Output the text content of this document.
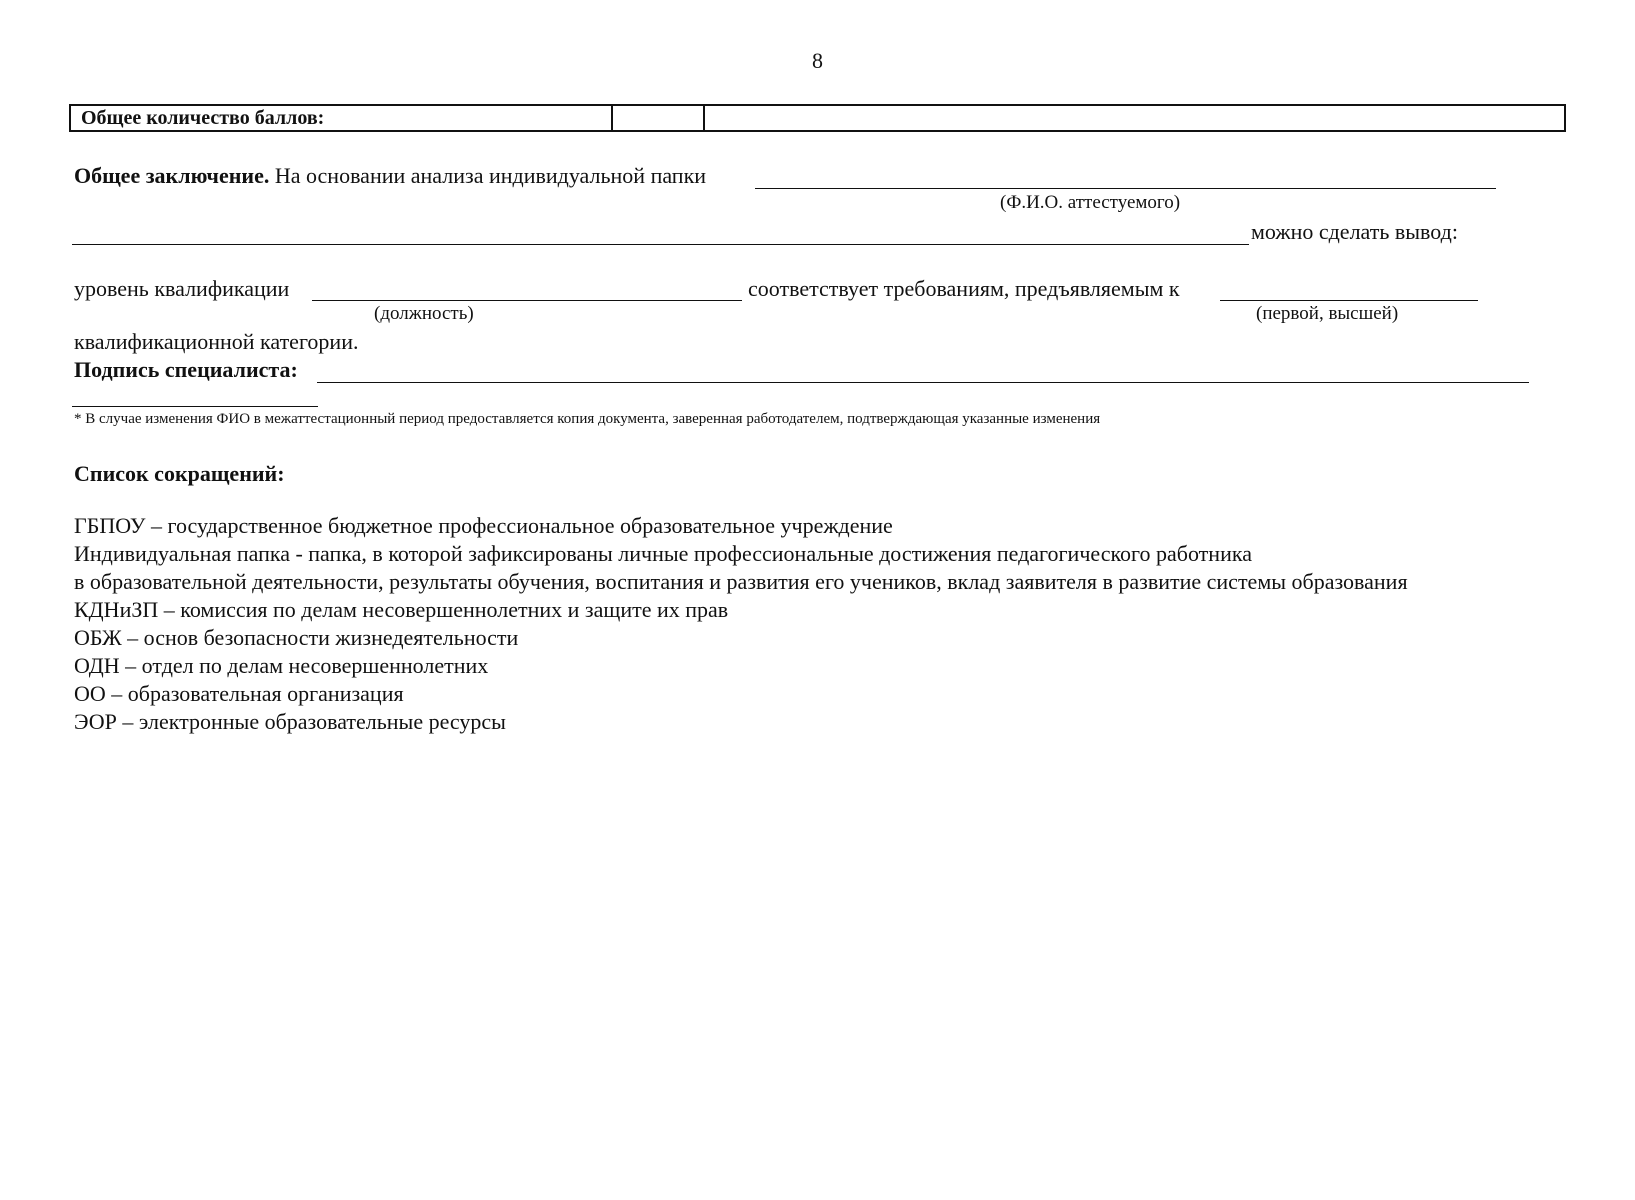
8
Общее количество баллов:		
Общее заключение. На основании анализа индивидуальной папки
(Ф.И.О. аттестуемого)
можно сделать вывод:
уровень квалификации	соответствует требованиям, предъявляемым к
(должность)	(первой, высшей)
квалификационной категории.
Подпись специалиста:
* В случае изменения ФИО в межаттестационный период предоставляется копия документа, заверенная работодателем, подтверждающая указанные изменения
Список сокращений:
ГБПОУ – государственное бюджетное профессиональное образовательное учреждение
Индивидуальная папка - папка, в которой зафиксированы личные профессиональные достижения педагогического работника
в образовательной деятельности, результаты обучения, воспитания и развития его учеников, вклад заявителя в развитие системы образования
КДНиЗП – комиссия по делам несовершеннолетних и защите их прав
ОБЖ – основ безопасности жизнедеятельности
ОДН – отдел по делам несовершеннолетних
ОО – образовательная организация
ЭОР – электронные образовательные ресурсы
